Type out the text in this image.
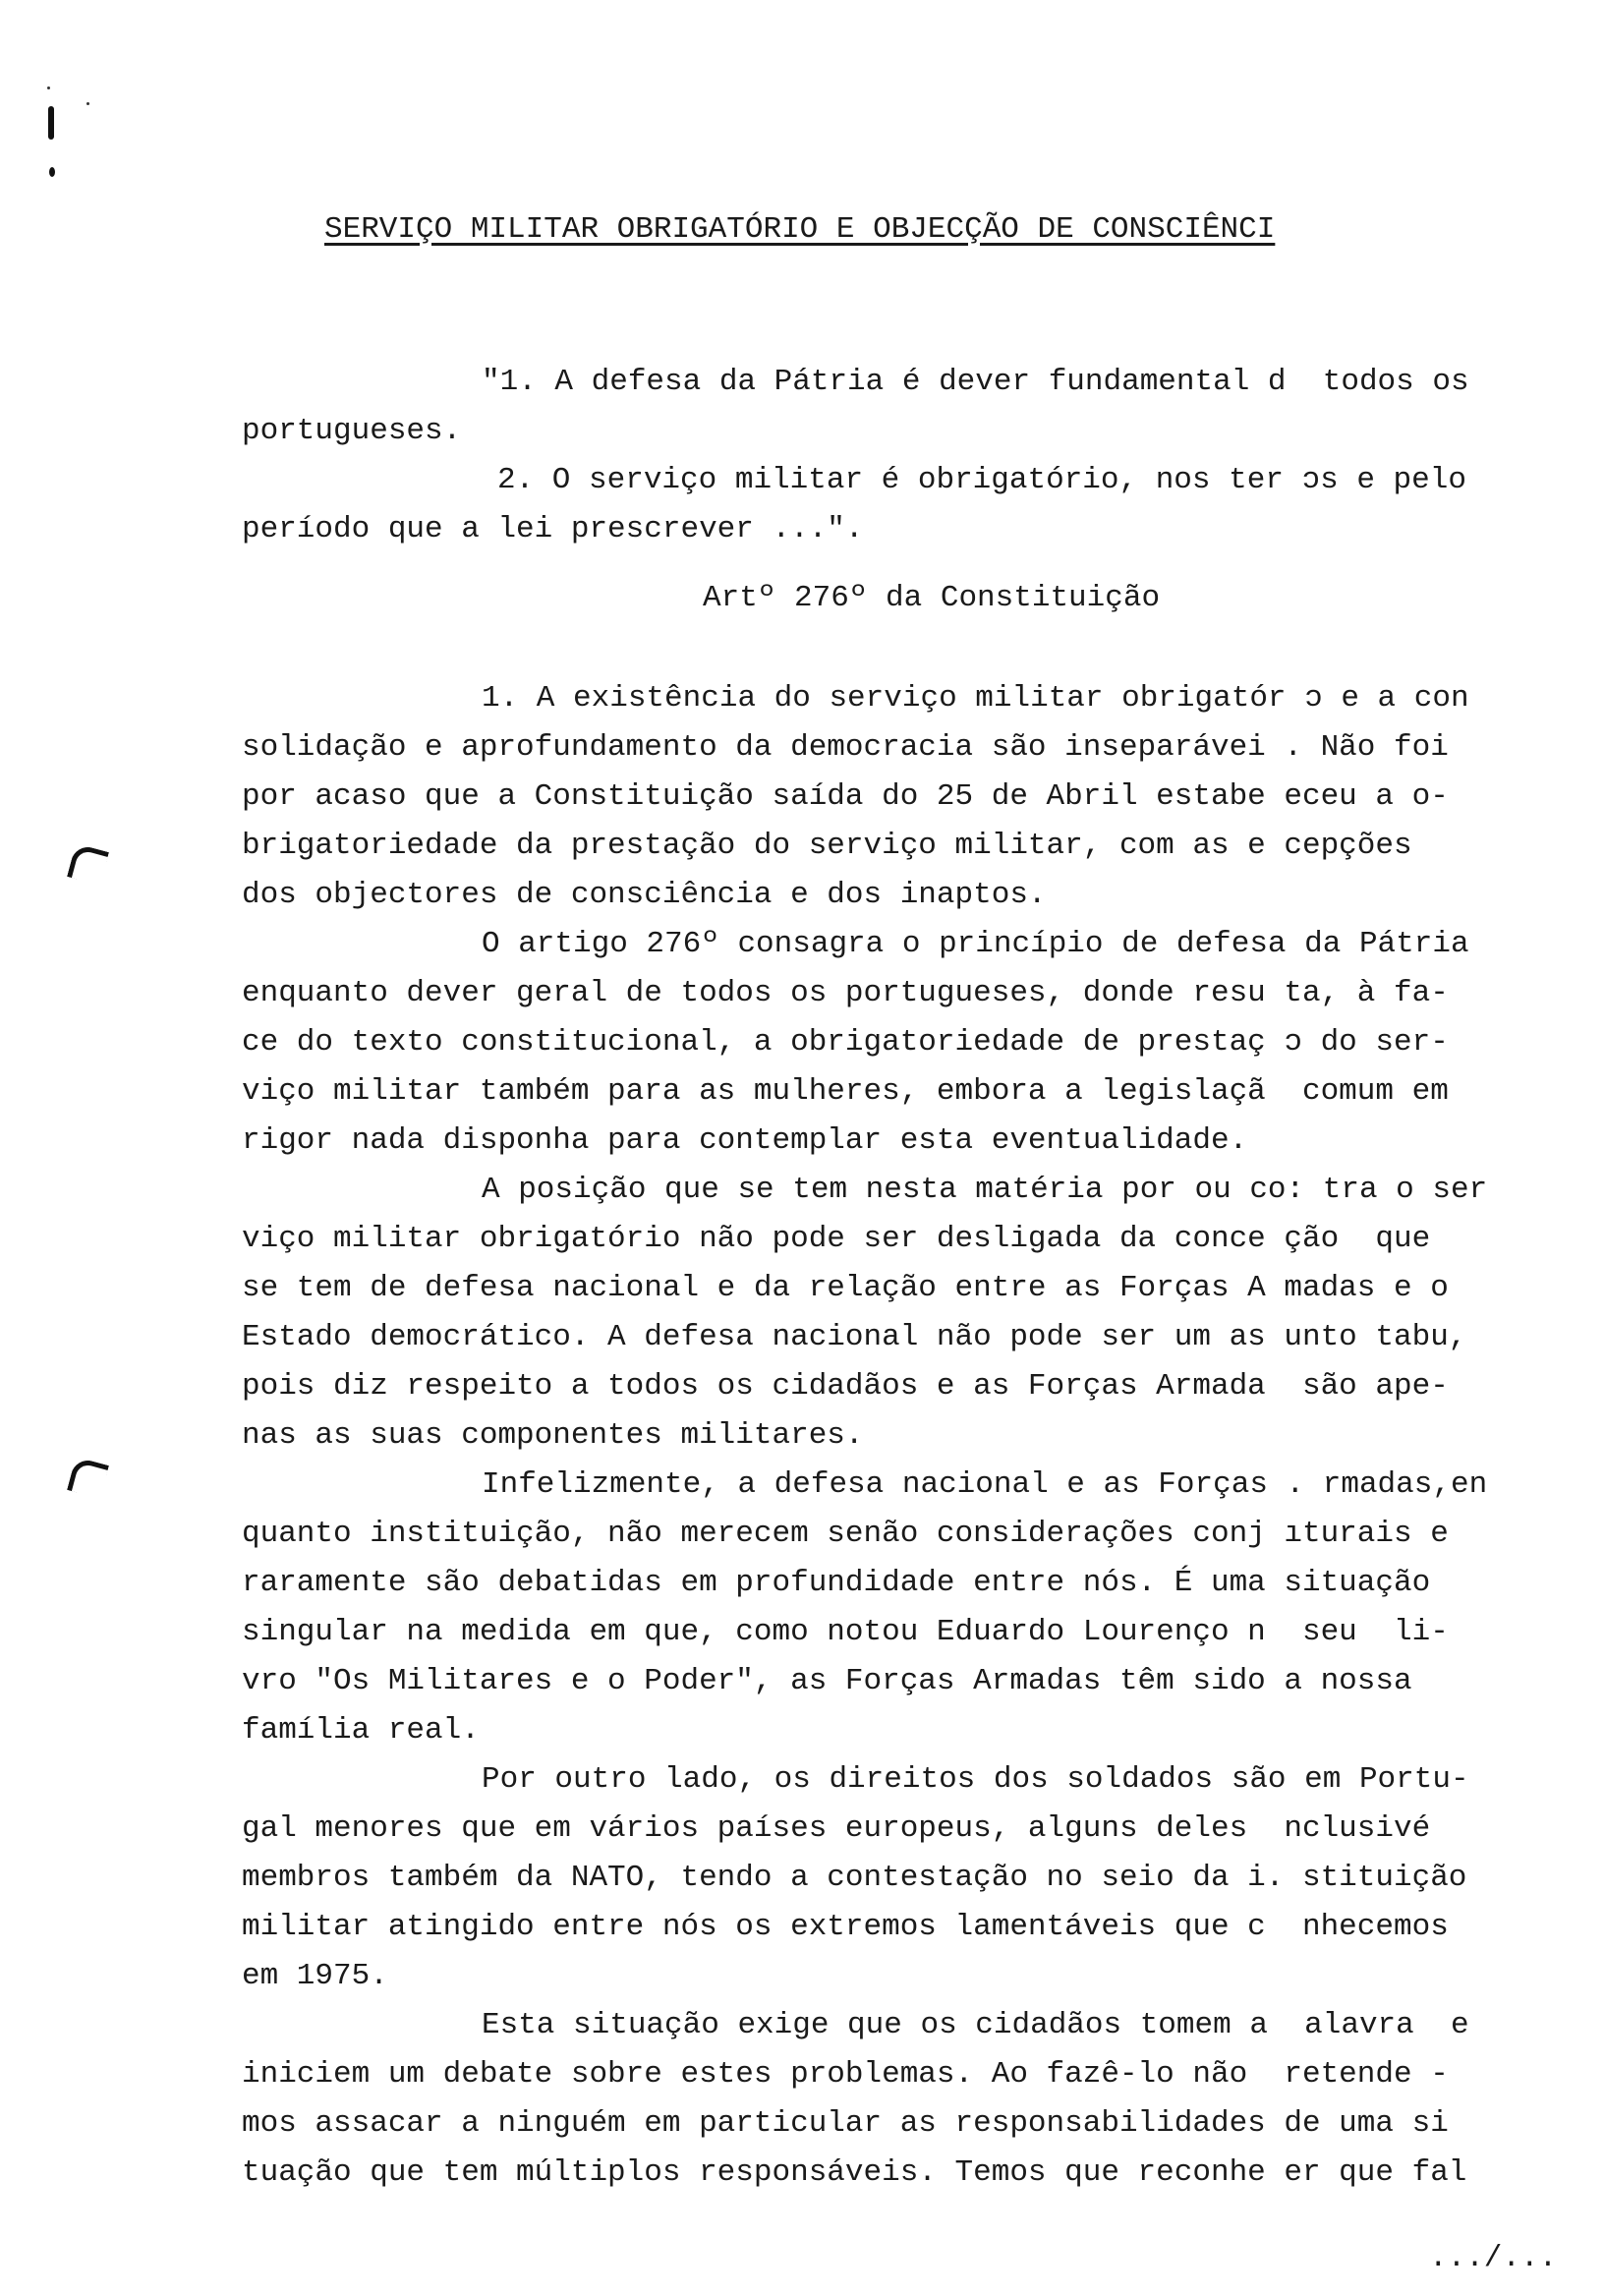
SERVIÇO MILITAR OBRIGATÓRIO E OBJECÇÃO DE CONSCIÊNCI
"1. A defesa da Pátria é dever fundamental d  todos os
portugueses.
2. O serviço militar é obrigatório, nos ter ɔs e pelo
período que a lei prescrever ...".
Artº 276º da Constituição
1. A existência do serviço militar obrigatór ɔ e a con
solidação e aprofundamento da democracia são inseparávei . Não foi
por acaso que a Constituição saída do 25 de Abril estabe eceu a o-
brigatoriedade da prestação do serviço militar, com as e cepções
dos objectores de consciência e dos inaptos.
O artigo 276º consagra o princípio de defesa da Pátria
enquanto dever geral de todos os portugueses, donde resu ta, à fa-
ce do texto constitucional, a obrigatoriedade de prestaç ɔ do ser-
viço militar também para as mulheres, embora a legislaçã  comum em
rigor nada disponha para contemplar esta eventualidade.
A posição que se tem nesta matéria por ou co: tra o ser
viço militar obrigatório não pode ser desligada da conce ção  que
se tem de defesa nacional e da relação entre as Forças A madas e o
Estado democrático. A defesa nacional não pode ser um as unto tabu,
pois diz respeito a todos os cidadãos e as Forças Armada  são ape-
nas as suas componentes militares.
Infelizmente, a defesa nacional e as Forças . rmadas,en
quanto instituição, não merecem senão considerações conj ıturais e
raramente são debatidas em profundidade entre nós. É uma situação
singular na medida em que, como notou Eduardo Lourenço n  seu  li-
vro "Os Militares e o Poder", as Forças Armadas têm sido a nossa
família real.
Por outro lado, os direitos dos soldados são em Portu-
gal menores que em vários países europeus, alguns deles  nclusivé
membros também da NATO, tendo a contestação no seio da i. stituição
militar atingido entre nós os extremos lamentáveis que c  nhecemos
em 1975.
Esta situação exige que os cidadãos tomem a  alavra  e
iniciem um debate sobre estes problemas. Ao fazê-lo não  retende -
mos assacar a ninguém em particular as responsabilidades de uma si
tuação que tem múltiplos responsáveis. Temos que reconhe er que fal
.../...
